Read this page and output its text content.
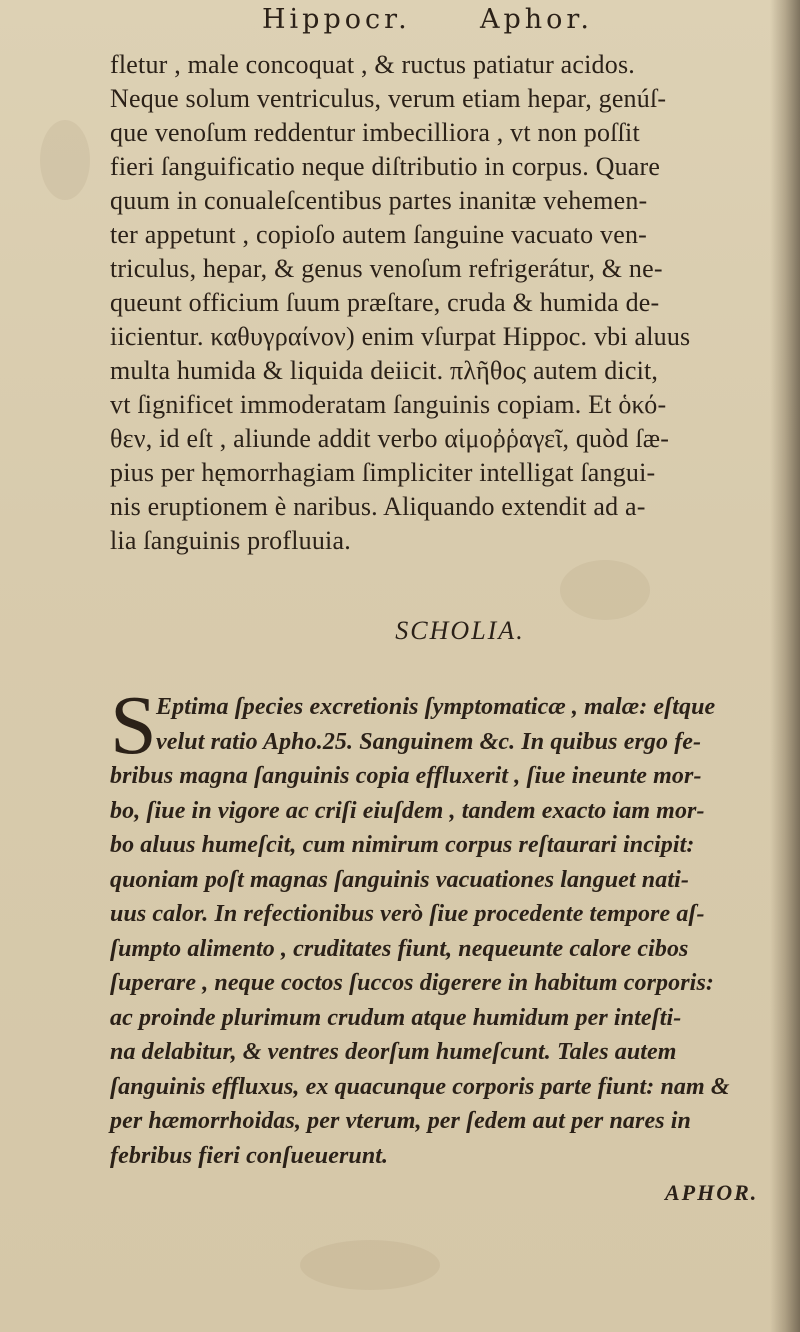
Hippocr.	Aphor.
fletur , male concoquat , & ructus patiatur acidos.
Neque solum ventriculus, verum etiam hepar, genúſ-
que venoſum reddentur imbecilliora , vt non poſſit
fieri ſanguificatio neque diſtributio in corpus. Quare
quum in conualeſcentibus partes inanitæ vehemen-
ter appetunt , copioſo autem ſanguine vacuato ven-
triculus, hepar, & genus venoſum refrigerátur, & ne-
queunt officium ſuum præſtare, cruda & humida de-
iicientur. καθυγραίνον) enim vſurpat Hippoc. vbi aluus
multa humida & liquida deiicit. πλῆθος autem dicit,
vt ſignificet immoderatam ſanguinis copiam. Et ὁκό-
θεν, id eſt , aliunde addit verbo αἱμοῤῥαγεῖ, quòd ſæ-
pius per hęmorrhagiam ſimpliciter intelligat ſangui-
nis eruptionem è naribus. Aliquando extendit ad a-
lia ſanguinis profluuia.
SCHOLIA.
S Eptima ſpecies excretionis ſymptomaticæ , malæ: eſtque
velut ratio Apho.25. Sanguinem &c. In quibus ergo fe-
bribus magna ſanguinis copia effluxerit , ſiue ineunte mor-
bo, ſiue in vigore ac criſi eiuſdem , tandem exacto iam mor-
bo aluus humeſcit, cum nimirum corpus reſtaurari incipit:
quoniam poſt magnas ſanguinis vacuationes languet nati-
uus calor. In refectionibus verò ſiue procedente tempore aſ-
ſumpto alimento , cruditates fiunt, nequeunte calore cibos
ſuperare , neque coctos ſuccos digerere in habitum corporis:
ac proinde plurimum crudum atque humidum per inteſti-
na delabitur, & ventres deorſum humeſcunt. Tales autem
ſanguinis effluxus, ex quacunque corporis parte fiunt: nam &
per hæmorrhoidas, per vterum, per ſedem aut per nares in
febribus fieri conſueuerunt.
APHOR.
